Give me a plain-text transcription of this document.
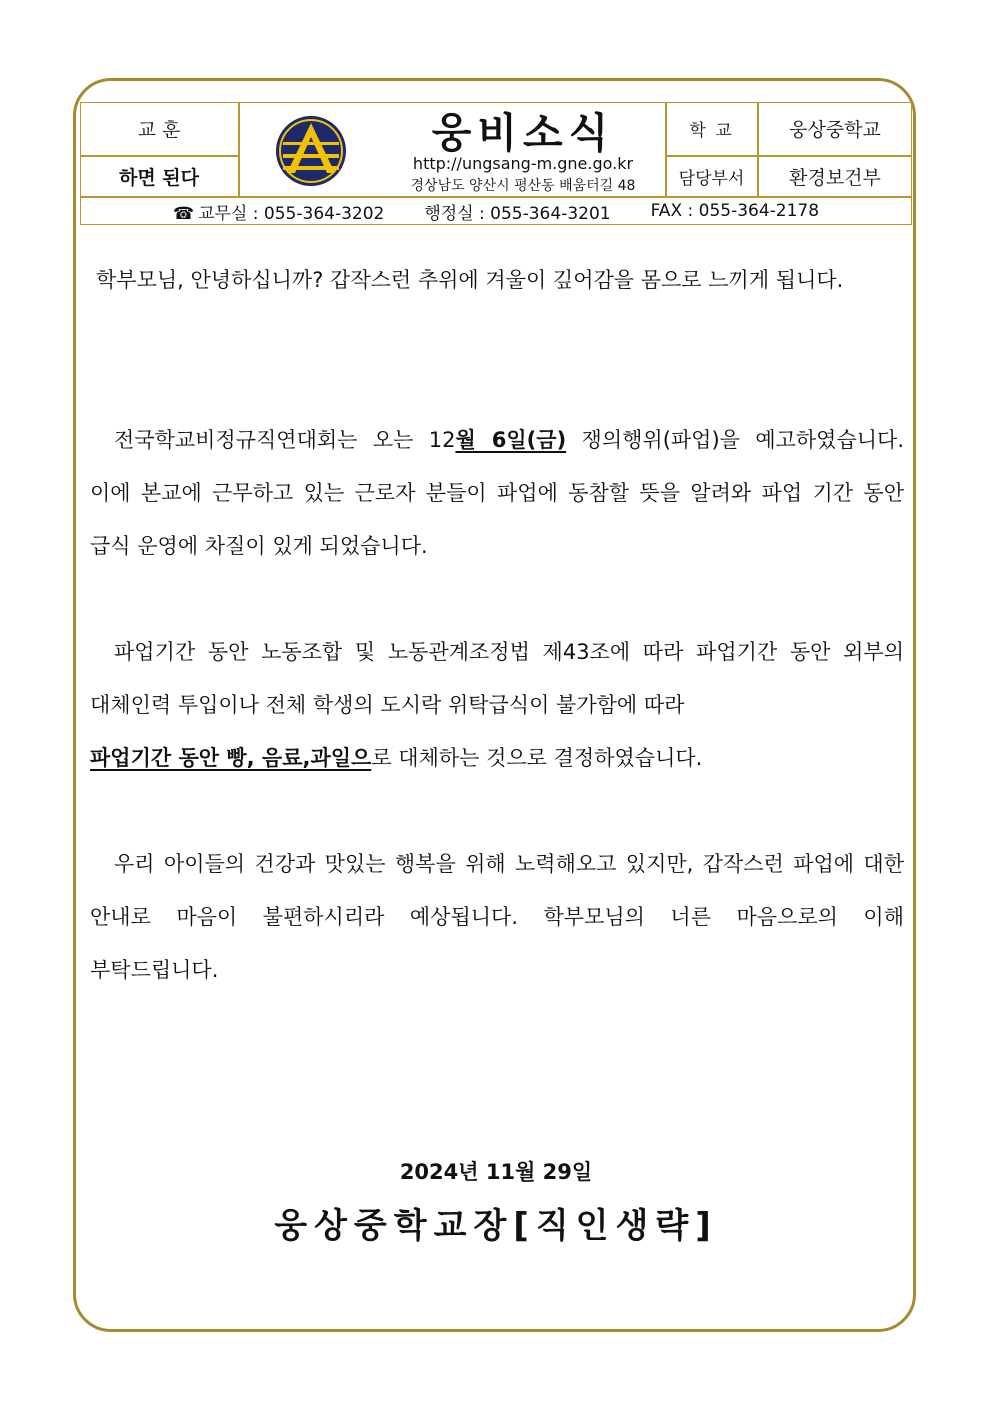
교 훈
하면 된다
웅비소식
http://ungsang-m.gne.go.kr
경상남도 양산시 평산동 배움터길 48
학 교	웅상중학교
담당부서	환경보건부
☎ 교무실 : 055-364-3202 행정실 : 055-364-3201 FAX : 055-364-2178
학부모님, 안녕하십니까? 갑작스런 추위에 겨울이 깊어감을 몸으로 느끼게 됩니다.
전국학교비정규직연대회는 오는 12월 6일(금) 쟁의행위(파업)을 예고하였습니다. 이에 본교에 근무하고 있는 근로자 분들이 파업에 동참할 뜻을 알려와 파업 기간 동안 급식 운영에 차질이 있게 되었습니다.
파업기간 동안 노동조합 및 노동관계조정법 제43조에 따라 파업기간 동안 외부의 대체인력 투입이나 전체 학생의 도시락 위탁급식이 불가함에 따라
파업기간 동안 빵, 음료,과일으로 대체하는 것으로 결정하였습니다.
우리 아이들의 건강과 맛있는 행복을 위해 노력해오고 있지만, 갑작스런 파업에 대한 안내로 마음이 불편하시리라 예상됩니다. 학부모님의 너른 마음으로의 이해 부탁드립니다.
2024년 11월 29일
웅상중학교장[직인생략]
